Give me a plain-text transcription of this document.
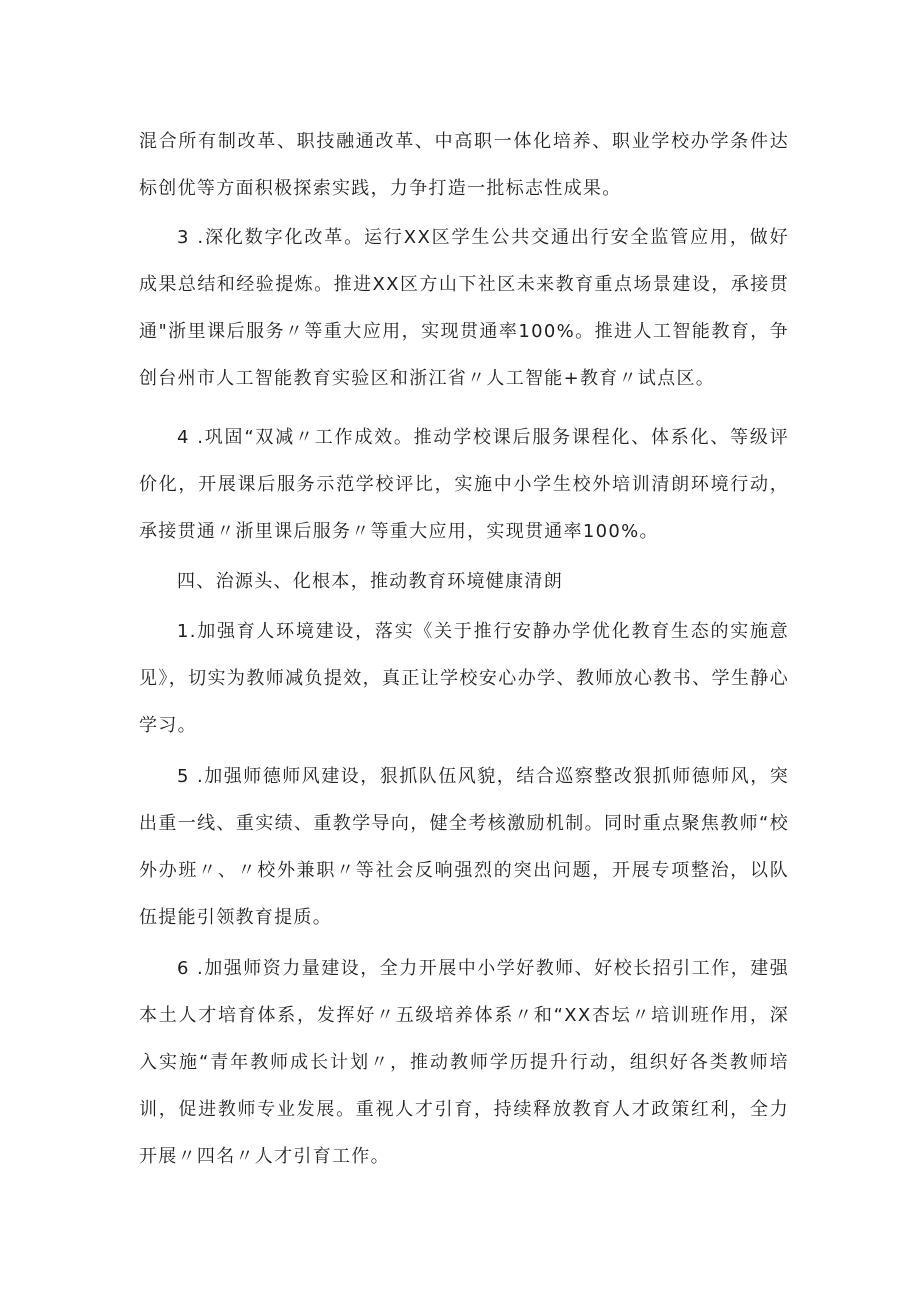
混合所有制改革、职技融通改革、中高职一体化培养、职业学校办学条件达标创优等方面积极探索实践，力争打造一批标志性成果。

3 .深化数字化改革。运行XX区学生公共交通出行安全监管应用，做好成果总结和经验提炼。推进XX区方山下社区未来教育重点场景建设，承接贯通"浙里课后服务〃等重大应用，实现贯通率100%。推进人工智能教育，争创台州市人工智能教育实验区和浙江省〃人工智能+教育〃试点区。

4 .巩固“双减〃工作成效。推动学校课后服务课程化、体系化、等级评价化，开展课后服务示范学校评比，实施中小学生校外培训清朗环境行动，承接贯通〃浙里课后服务〃等重大应用，实现贯通率100%。

四、治源头、化根本，推动教育环境健康清朗

1.加强育人环境建设，落实《关于推行安静办学优化教育生态的实施意见》，切实为教师减负提效，真正让学校安心办学、教师放心教书、学生静心学习。

5 .加强师德师风建设，狠抓队伍风貌，结合巡察整改狠抓师德师风，突出重一线、重实绩、重教学导向，健全考核激励机制。同时重点聚焦教师“校外办班〃、〃校外兼职〃等社会反响强烈的突出问题，开展专项整治，以队伍提能引领教育提质。

6 .加强师资力量建设，全力开展中小学好教师、好校长招引工作，建强本土人才培育体系，发挥好〃五级培养体系〃和“XX杏坛〃培训班作用，深入实施“青年教师成长计划〃，推动教师学历提升行动，组织好各类教师培训，促进教师专业发展。重视人才引育，持续释放教育人才政策红利，全力开展〃四名〃人才引育工作。
